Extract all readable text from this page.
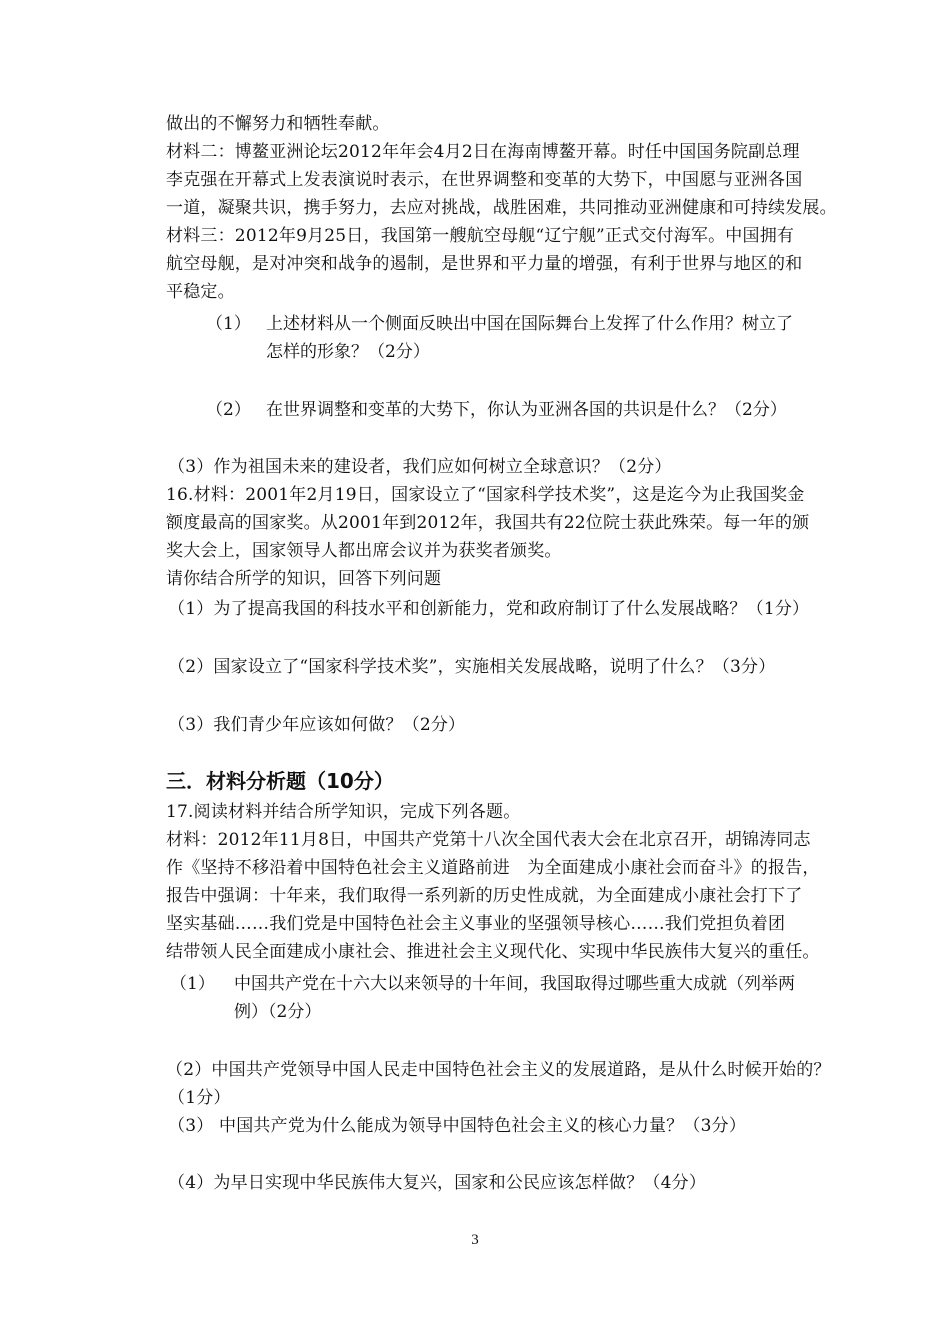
做出的不懈努力和牺牲奉献。
材料二：博鳌亚洲论坛2012年年会4月2日在海南博鳌开幕。时任中国国务院副总理
李克强在开幕式上发表演说时表示，在世界调整和变革的大势下，中国愿与亚洲各国
一道，凝聚共识，携手努力，去应对挑战，战胜困难，共同推动亚洲健康和可持续发展。
材料三：2012年9月25日，我国第一艘航空母舰“辽宁舰”正式交付海军。中国拥有
航空母舰，是对冲突和战争的遏制，是世界和平力量的增强，有利于世界与地区的和
平稳定。
（1） 上述材料从一个侧面反映出中国在国际舞台上发挥了什么作用？树立了
怎样的形象？（2分）
（2） 在世界调整和变革的大势下，你认为亚洲各国的共识是什么？（2分）
（3）作为祖国未来的建设者，我们应如何树立全球意识？（2分）
16.材料：2001年2月19日，国家设立了“国家科学技术奖”，这是迄今为止我国奖金
额度最高的国家奖。从2001年到2012年，我国共有22位院士获此殊荣。每一年的颁
奖大会上，国家领导人都出席会议并为获奖者颁奖。
请你结合所学的知识，回答下列问题
（1）为了提高我国的科技水平和创新能力，党和政府制订了什么发展战略？（1分）
（2）国家设立了“国家科学技术奖”，实施相关发展战略，说明了什么？（3分）
（3）我们青少年应该如何做？（2分）
三．材料分析题（10分）
17.阅读材料并结合所学知识，完成下列各题。
材料：2012年11月8日，中国共产党第十八次全国代表大会在北京召开，胡锦涛同志
作《坚持不移沿着中国特色社会主义道路前进　为全面建成小康社会而奋斗》的报告，
报告中强调：十年来，我们取得一系列新的历史性成就，为全面建成小康社会打下了
坚实基础……我们党是中国特色社会主义事业的坚强领导核心……我们党担负着团
结带领人民全面建成小康社会、推进社会主义现代化、实现中华民族伟大复兴的重任。
（1） 中国共产党在十六大以来领导的十年间，我国取得过哪些重大成就（列举两
例）（2分）
（2）中国共产党领导中国人民走中国特色社会主义的发展道路，是从什么时候开始的？
（1分）
（3） 中国共产党为什么能成为领导中国特色社会主义的核心力量？（3分）
（4）为早日实现中华民族伟大复兴，国家和公民应该怎样做？（4分）
3
